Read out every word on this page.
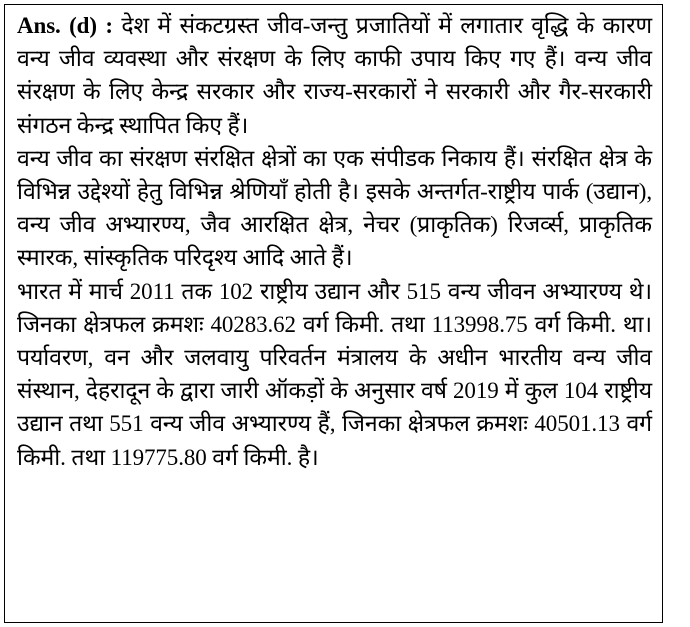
Ans. (d) : देश में संकटग्रस्त जीव-जन्तु प्रजातियों में लगातार वृद्धि के कारण वन्य जीव व्यवस्था और संरक्षण के लिए काफी उपाय किए गए हैं। वन्य जीव संरक्षण के लिए केन्द्र सरकार और राज्य-सरकारों ने सरकारी और गैर-सरकारी संगठन केन्द्र स्थापित किए हैं।

वन्य जीव का संरक्षण संरक्षित क्षेत्रों का एक संपीडक निकाय हैं। संरक्षित क्षेत्र के विभिन्न उद्देश्यों हेतु विभिन्न श्रेणियाँ होती है। इसके अन्तर्गत-राष्ट्रीय पार्क (उद्यान), वन्य जीव अभ्यारण्य, जैव आरक्षित क्षेत्र, नेचर (प्राकृतिक) रिजर्व्स, प्राकृतिक स्मारक, सांस्कृतिक परिदृश्य आदि आते हैं।

भारत में मार्च 2011 तक 102 राष्ट्रीय उद्यान और 515 वन्य जीवन अभ्यारण्य थे। जिनका क्षेत्रफल क्रमशः 40283.62 वर्ग किमी. तथा 113998.75 वर्ग किमी. था। पर्यावरण, वन और जलवायु परिवर्तन मंत्रालय के अधीन भारतीय वन्य जीव संस्थान, देहरादून के द्वारा जारी ऑकड़ों के अनुसार वर्ष 2019 में कुल 104 राष्ट्रीय उद्यान तथा 551 वन्य जीव अभ्यारण्य हैं, जिनका क्षेत्रफल क्रमशः 40501.13 वर्ग किमी. तथा 119775.80 वर्ग किमी. है।
